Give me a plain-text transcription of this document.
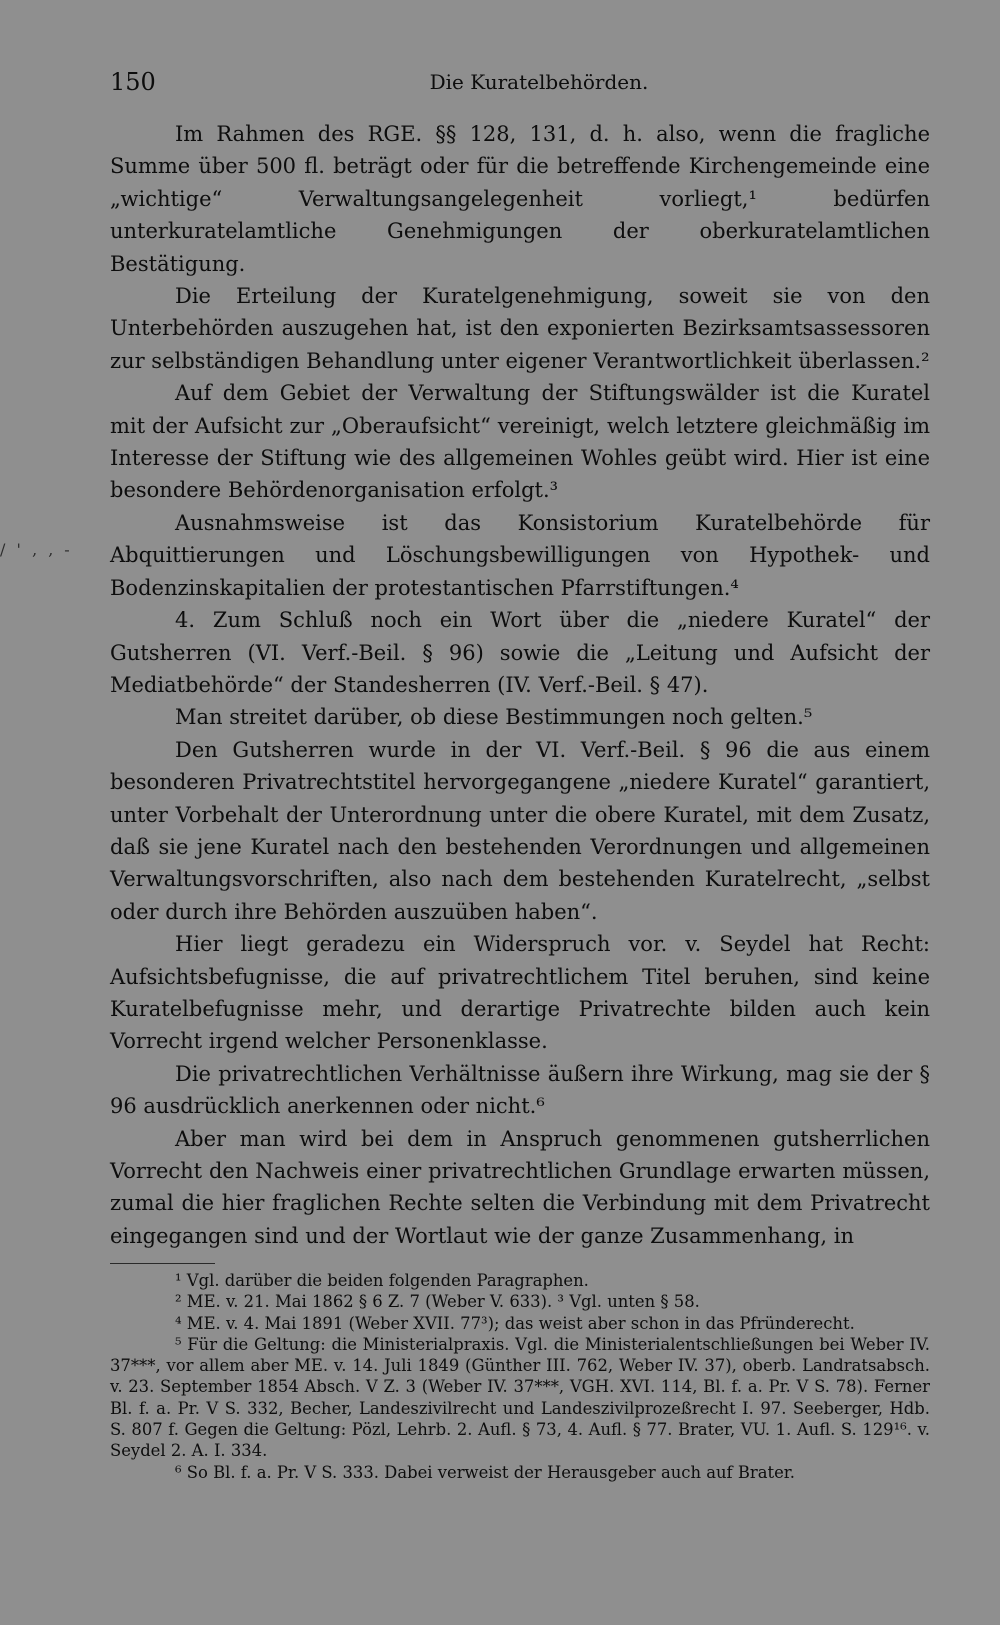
150	Die Kuratelbehörden.
/ ' ‚ ‚ -

Im Rahmen des RGE. §§ 128, 131, d. h. also, wenn die fragliche Summe über 500 fl. beträgt oder für die betreffende Kirchengemeinde eine „wichtige“ Verwaltungsangelegenheit vorliegt,¹ bedürfen unterkuratelamtliche Genehmigungen der oberkuratelamtlichen Bestätigung.

Die Erteilung der Kuratelgenehmigung, soweit sie von den Unterbehörden auszugehen hat, ist den exponierten Bezirksamtsassessoren zur selbständigen Behandlung unter eigener Verantwortlichkeit überlassen.²

Auf dem Gebiet der Verwaltung der Stiftungswälder ist die Kuratel mit der Aufsicht zur „Oberaufsicht“ vereinigt, welch letztere gleichmäßig im Interesse der Stiftung wie des allgemeinen Wohles geübt wird. Hier ist eine besondere Behördenorganisation erfolgt.³

Ausnahmsweise ist das Konsistorium Kuratelbehörde für Abquittierungen und Löschungsbewilligungen von Hypothek- und Bodenzinskapitalien der protestantischen Pfarrstiftungen.⁴

4. Zum Schluß noch ein Wort über die „niedere Kuratel“ der Gutsherren (VI. Verf.-Beil. § 96) sowie die „Leitung und Aufsicht der Mediatbehörde“ der Standesherren (IV. Verf.-Beil. § 47).

Man streitet darüber, ob diese Bestimmungen noch gelten.⁵

Den Gutsherren wurde in der VI. Verf.-Beil. § 96 die aus einem besonderen Privatrechtstitel hervorgegangene „niedere Kuratel“ garantiert, unter Vorbehalt der Unterordnung unter die obere Kuratel, mit dem Zusatz, daß sie jene Kuratel nach den bestehenden Verordnungen und allgemeinen Verwaltungsvorschriften, also nach dem bestehenden Kuratelrecht, „selbst oder durch ihre Behörden auszuüben haben“.

Hier liegt geradezu ein Widerspruch vor. v. Seydel hat Recht: Aufsichtsbefugnisse, die auf privatrechtlichem Titel beruhen, sind keine Kuratelbefugnisse mehr, und derartige Privatrechte bilden auch kein Vorrecht irgend welcher Personenklasse.

Die privatrechtlichen Verhältnisse äußern ihre Wirkung, mag sie der § 96 ausdrücklich anerkennen oder nicht.⁶

Aber man wird bei dem in Anspruch genommenen gutsherrlichen Vorrecht den Nachweis einer privatrechtlichen Grundlage erwarten müssen, zumal die hier fraglichen Rechte selten die Verbindung mit dem Privatrecht eingegangen sind und der Wortlaut wie der ganze Zusammenhang, in

¹ Vgl. darüber die beiden folgenden Paragraphen.

² ME. v. 21. Mai 1862 § 6 Z. 7 (Weber V. 633). ³ Vgl. unten § 58.

⁴ ME. v. 4. Mai 1891 (Weber XVII. 77³); das weist aber schon in das Pfründerecht.

⁵ Für die Geltung: die Ministerialpraxis. Vgl. die Ministerialentschließungen bei Weber IV. 37***, vor allem aber ME. v. 14. Juli 1849 (Günther III. 762, Weber IV. 37), oberb. Landratsabsch. v. 23. September 1854 Absch. V Z. 3 (Weber IV. 37***, VGH. XVI. 114, Bl. f. a. Pr. V S. 78). Ferner Bl. f. a. Pr. V S. 332, Becher, Landeszivilrecht und Landeszivilprozeßrecht I. 97. Seeberger, Hdb. S. 807 f. Gegen die Geltung: Pözl, Lehrb. 2. Aufl. § 73, 4. Aufl. § 77. Brater, VU. 1. Aufl. S. 129¹⁶. v. Seydel 2. A. I. 334.

⁶ So Bl. f. a. Pr. V S. 333. Dabei verweist der Herausgeber auch auf Brater.
